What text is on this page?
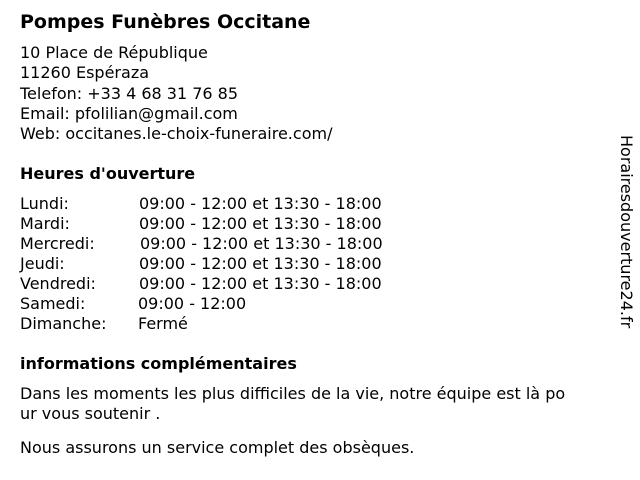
Pompes Funèbres Occitane
10 Place de République
11260 Espéraza
Telefon: +33 4 68 31 76 85
Email: pfolilian@gmail.com
Web: occitanes.le-choix-funeraire.com/
Heures d'ouverture
Lundi:	09:00 - 12:00 et 13:30 - 18:00
Mardi:	09:00 - 12:00 et 13:30 - 18:00
Mercredi:	09:00 - 12:00 et 13:30 - 18:00
Jeudi:	09:00 - 12:00 et 13:30 - 18:00
Vendredi:	09:00 - 12:00 et 13:30 - 18:00
Samedi:	09:00 - 12:00
Dimanche: Fermé
informations complémentaires
Dans les moments les plus difficiles de la vie, notre équipe est là po
ur vous soutenir .
Nous assurons un service complet des obsèques.
Horairesdouverture24.fr
